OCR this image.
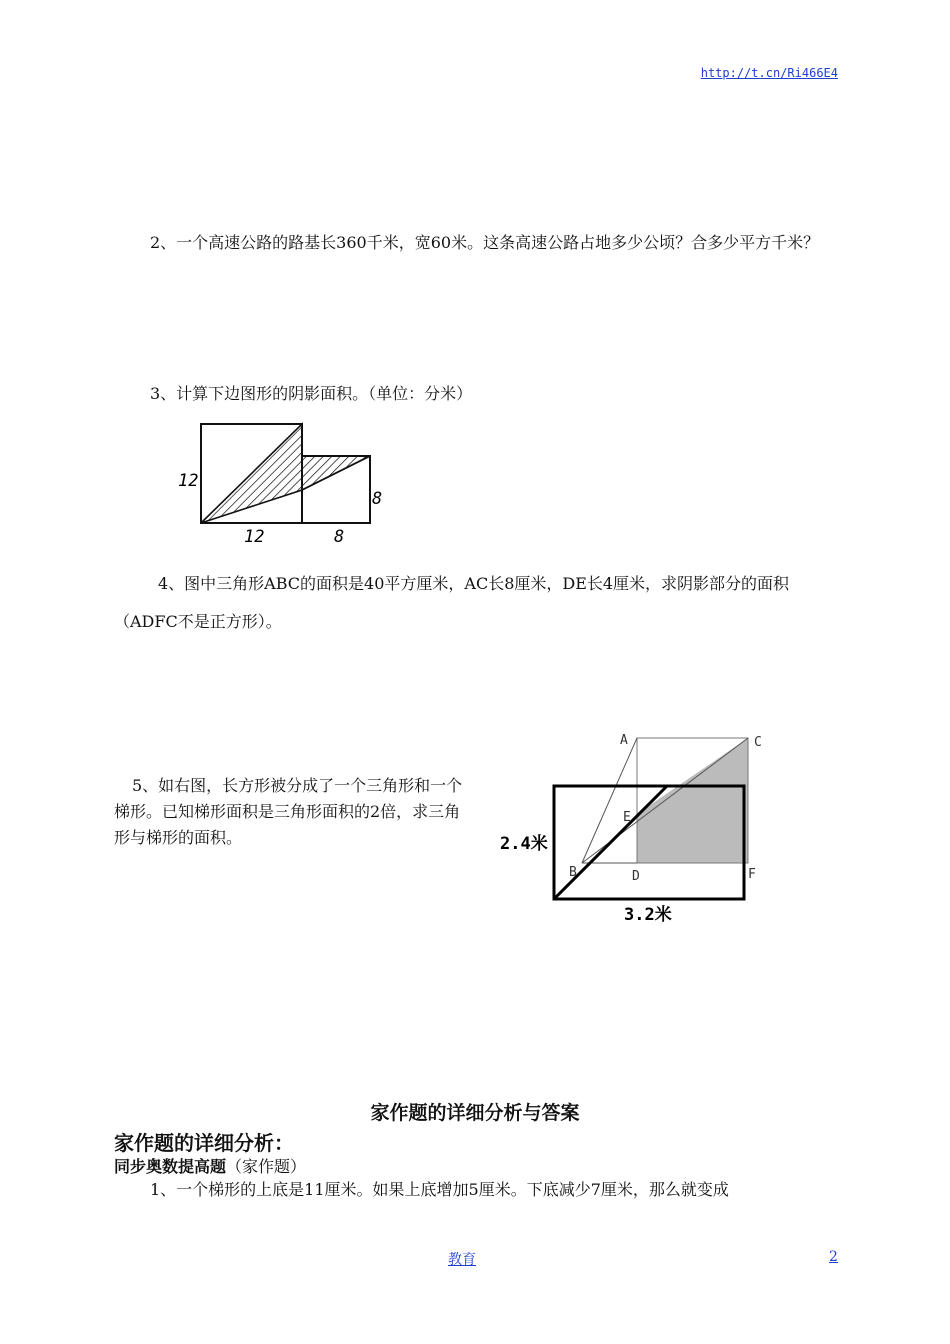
http://t.cn/Ri466E4
2、一个高速公路的路基长360千米，宽60米。这条高速公路占地多少公顷？合多少平方千米？
3、计算下边图形的阴影面积。（单位：分米）
12
12	8
8
4、图中三角形ABC的面积是40平方厘米，AC长8厘米，DE长4厘米，求阴影部分的面积（ADFC不是正方形）。
5、如右图，长方形被分成了一个三角形和一个梯形。已知梯形面积是三角形面积的2倍，求三角形与梯形的面积。
A	C
E
B	D	F
2.4米
3.2米
家作题的详细分析与答案
家作题的详细分析：
同步奥数提高题（家作题）
1、一个梯形的上底是11厘米。如果上底增加5厘米。下底减少7厘米，那么就变成
教育	2
